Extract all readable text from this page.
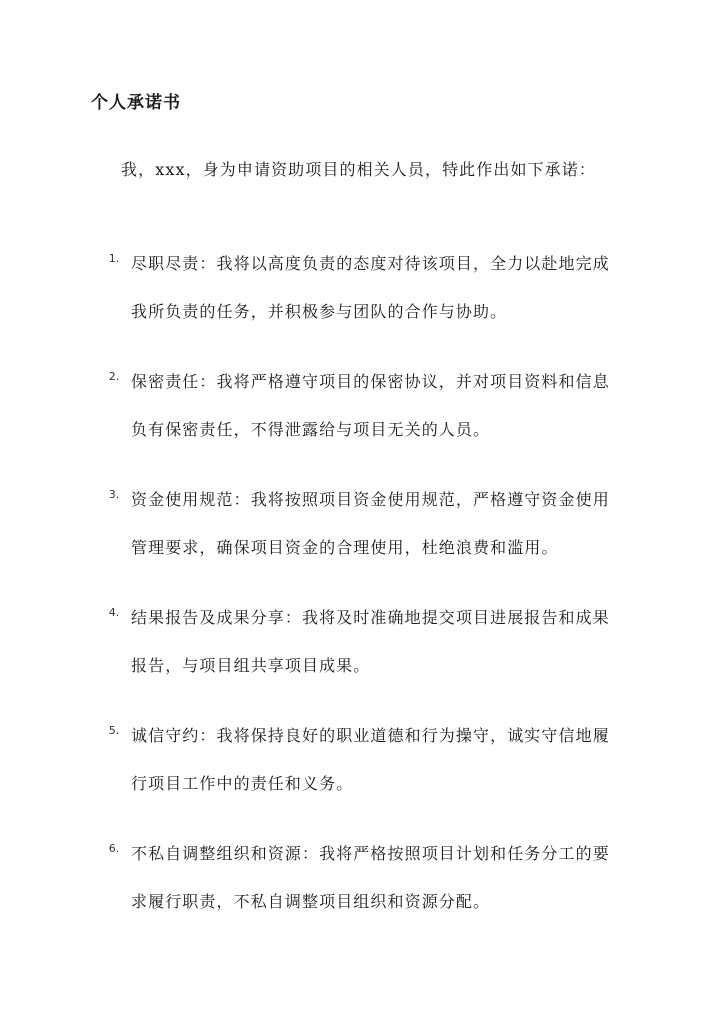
个人承诺书

我，xxx，身为申请资助项目的相关人员，特此作出如下承诺：

1. 尽职尽责：我将以高度负责的态度对待该项目，全力以赴地完成我所负责的任务，并积极参与团队的合作与协助。
2. 保密责任：我将严格遵守项目的保密协议，并对项目资料和信息负有保密责任，不得泄露给与项目无关的人员。
3. 资金使用规范：我将按照项目资金使用规范，严格遵守资金使用管理要求，确保项目资金的合理使用，杜绝浪费和滥用。
4. 结果报告及成果分享：我将及时准确地提交项目进展报告和成果报告，与项目组共享项目成果。
5. 诚信守约：我将保持良好的职业道德和行为操守，诚实守信地履行项目工作中的责任和义务。
6. 不私自调整组织和资源：我将严格按照项目计划和任务分工的要求履行职责，不私自调整项目组织和资源分配。
